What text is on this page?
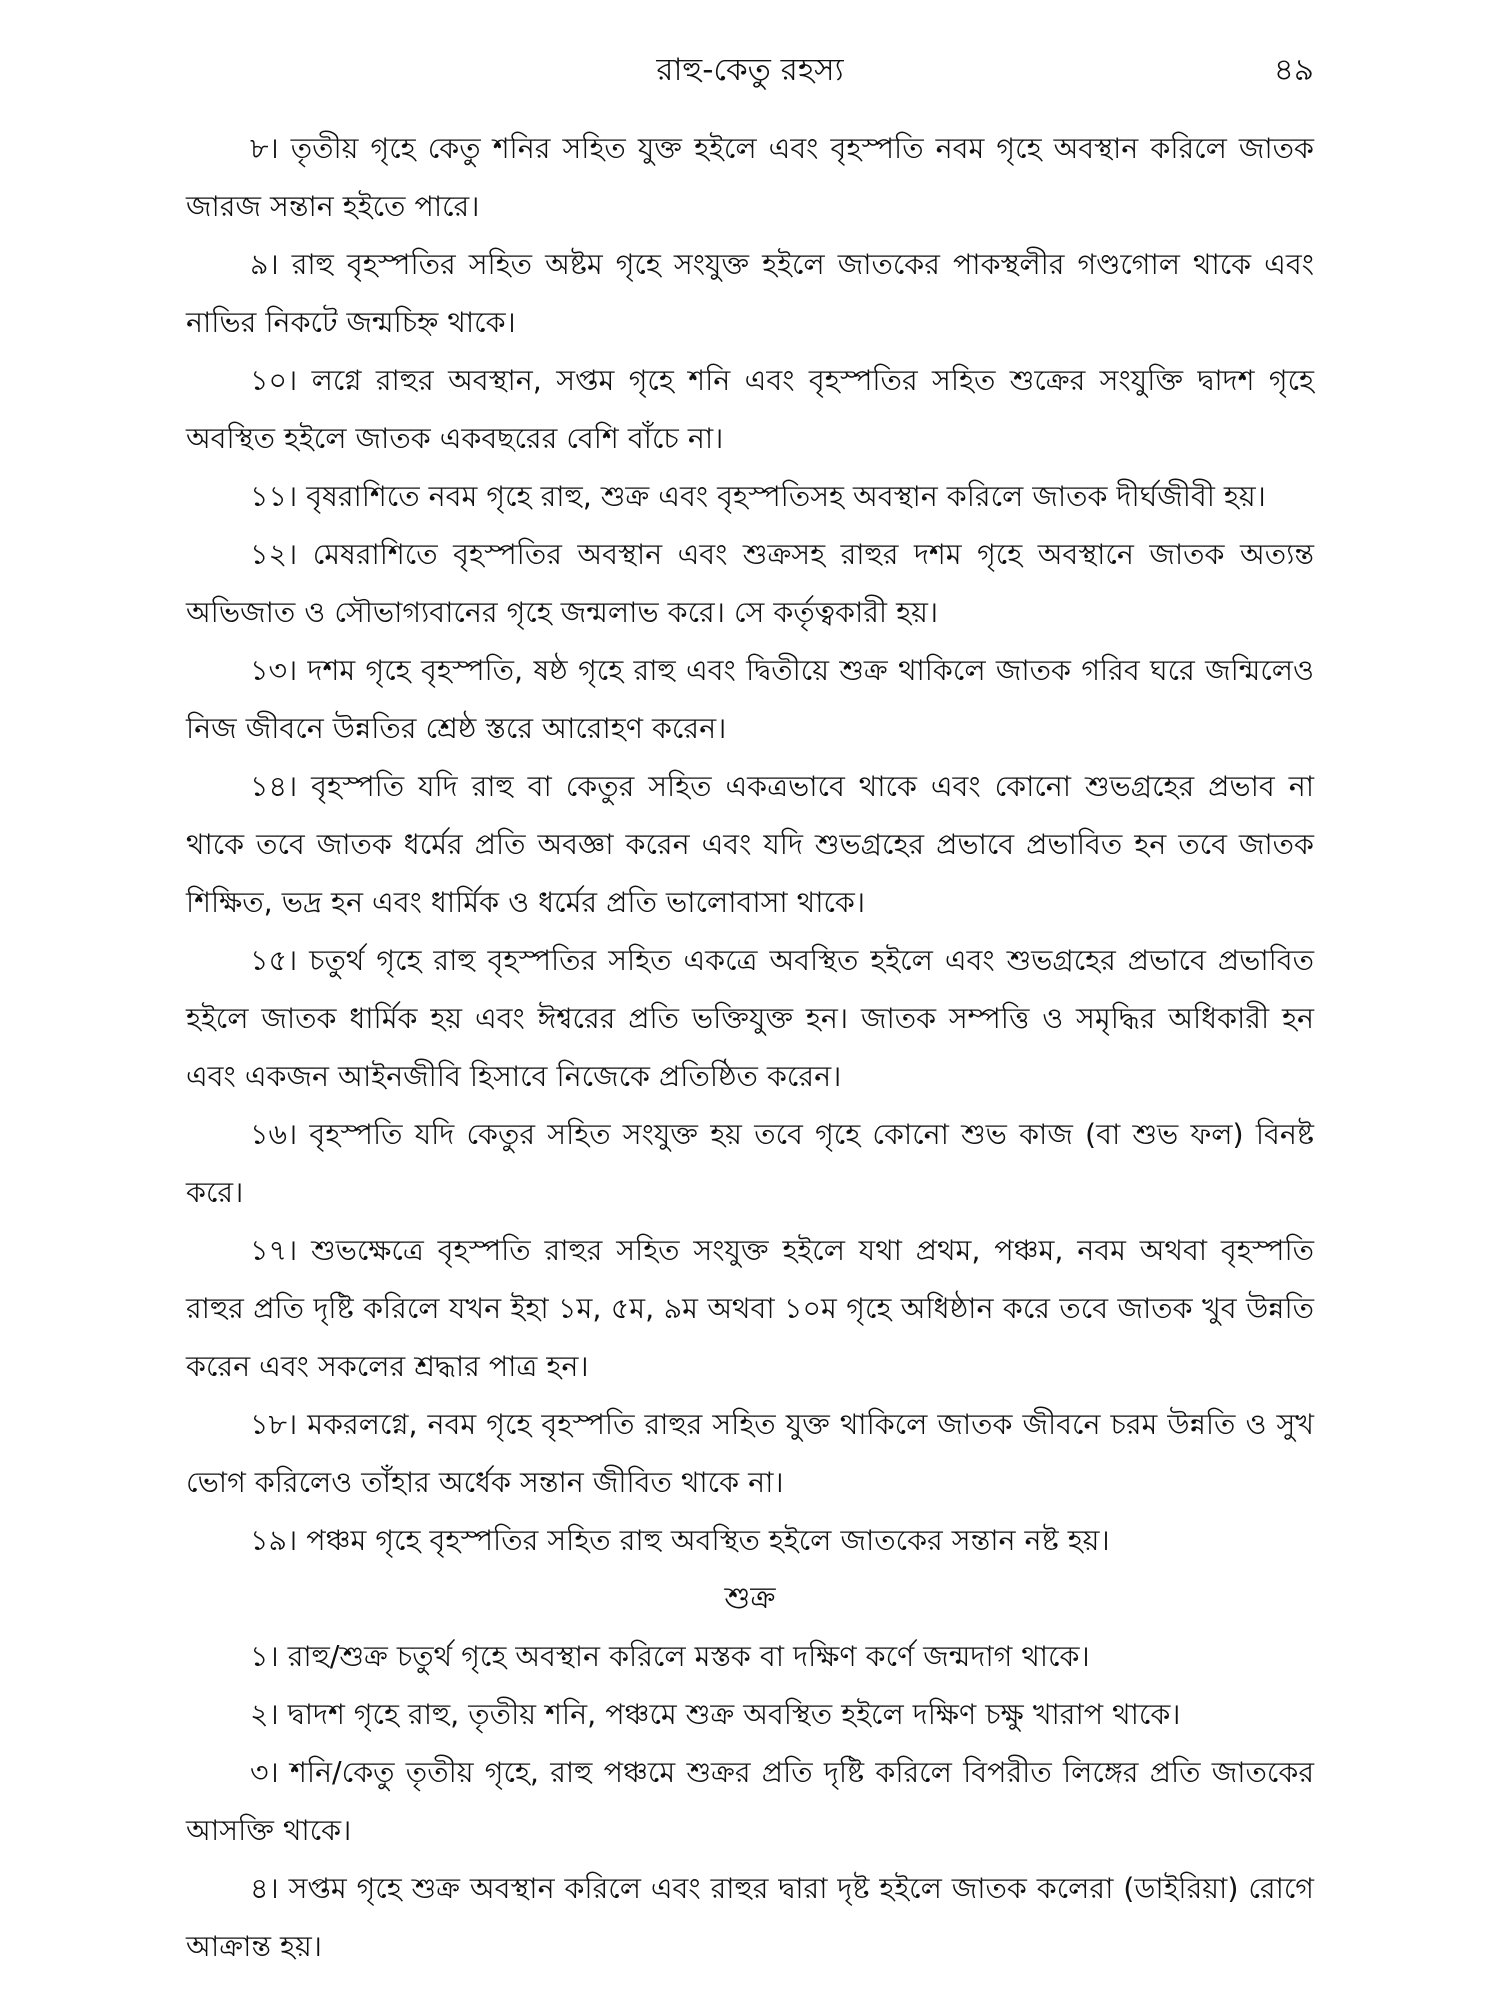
রাহু-কেতু রহস্য	৪৯

৮। তৃতীয় গৃহে কেতু শনির সহিত যুক্ত হইলে এবং বৃহস্পতি নবম গৃহে অবস্থান করিলে জাতক জারজ সন্তান হইতে পারে।

৯। রাহু বৃহস্পতির সহিত অষ্টম গৃহে সংযুক্ত হইলে জাতকের পাকস্থলীর গণ্ডগোল থাকে এবং নাভির নিকটে জন্মচিহ্ন থাকে।

১০। লগ্নে রাহুর অবস্থান, সপ্তম গৃহে শনি এবং বৃহস্পতির সহিত শুক্রের সংযুক্তি দ্বাদশ গৃহে অবস্থিত হইলে জাতক একবছরের বেশি বাঁচে না।

১১। বৃষরাশিতে নবম গৃহে রাহু, শুক্র এবং বৃহস্পতিসহ অবস্থান করিলে জাতক দীর্ঘজীবী হয়।

১২। মেষরাশিতে বৃহস্পতির অবস্থান এবং শুক্রসহ রাহুর দশম গৃহে অবস্থানে জাতক অত্যন্ত অভিজাত ও সৌভাগ্যবানের গৃহে জন্মলাভ করে। সে কর্তৃত্বকারী হয়।

১৩। দশম গৃহে বৃহস্পতি, ষষ্ঠ গৃহে রাহু এবং দ্বিতীয়ে শুক্র থাকিলে জাতক গরিব ঘরে জন্মিলেও নিজ জীবনে উন্নতির শ্রেষ্ঠ স্তরে আরোহণ করেন।

১৪। বৃহস্পতি যদি রাহু বা কেতুর সহিত একত্রভাবে থাকে এবং কোনো শুভগ্রহের প্রভাব না থাকে তবে জাতক ধর্মের প্রতি অবজ্ঞা করেন এবং যদি শুভগ্রহের প্রভাবে প্রভাবিত হন তবে জাতক শিক্ষিত, ভদ্র হন এবং ধার্মিক ও ধর্মের প্রতি ভালোবাসা থাকে।

১৫। চতুর্থ গৃহে রাহু বৃহস্পতির সহিত একত্রে অবস্থিত হইলে এবং শুভগ্রহের প্রভাবে প্রভাবিত হইলে জাতক ধার্মিক হয় এবং ঈশ্বরের প্রতি ভক্তিযুক্ত হন। জাতক সম্পত্তি ও সমৃদ্ধির অধিকারী হন এবং একজন আইনজীবি হিসাবে নিজেকে প্রতিষ্ঠিত করেন।

১৬। বৃহস্পতি যদি কেতুর সহিত সংযুক্ত হয় তবে গৃহে কোনো শুভ কাজ (বা শুভ ফল) বিনষ্ট করে।

১৭। শুভক্ষেত্রে বৃহস্পতি রাহুর সহিত সংযুক্ত হইলে যথা প্রথম, পঞ্চম, নবম অথবা বৃহস্পতি রাহুর প্রতি দৃষ্টি করিলে যখন ইহা ১ম, ৫ম, ৯ম অথবা ১০ম গৃহে অধিষ্ঠান করে তবে জাতক খুব উন্নতি করেন এবং সকলের শ্রদ্ধার পাত্র হন।

১৮। মকরলগ্নে, নবম গৃহে বৃহস্পতি রাহুর সহিত যুক্ত থাকিলে জাতক জীবনে চরম উন্নতি ও সুখ ভোগ করিলেও তাঁহার অর্ধেক সন্তান জীবিত থাকে না।

১৯। পঞ্চম গৃহে বৃহস্পতির সহিত রাহু অবস্থিত হইলে জাতকের সন্তান নষ্ট হয়।

শুক্র

১। রাহু/শুক্র চতুর্থ গৃহে অবস্থান করিলে মস্তক বা দক্ষিণ কর্ণে জন্মদাগ থাকে।

২। দ্বাদশ গৃহে রাহু, তৃতীয় শনি, পঞ্চমে শুক্র অবস্থিত হইলে দক্ষিণ চক্ষু খারাপ থাকে।

৩। শনি/কেতু তৃতীয় গৃহে, রাহু পঞ্চমে শুক্রর প্রতি দৃষ্টি করিলে বিপরীত লিঙ্গের প্রতি জাতকের আসক্তি থাকে।

৪। সপ্তম গৃহে শুক্র অবস্থান করিলে এবং রাহুর দ্বারা দৃষ্ট হইলে জাতক কলেরা (ডাইরিয়া) রোগে আক্রান্ত হয়।
